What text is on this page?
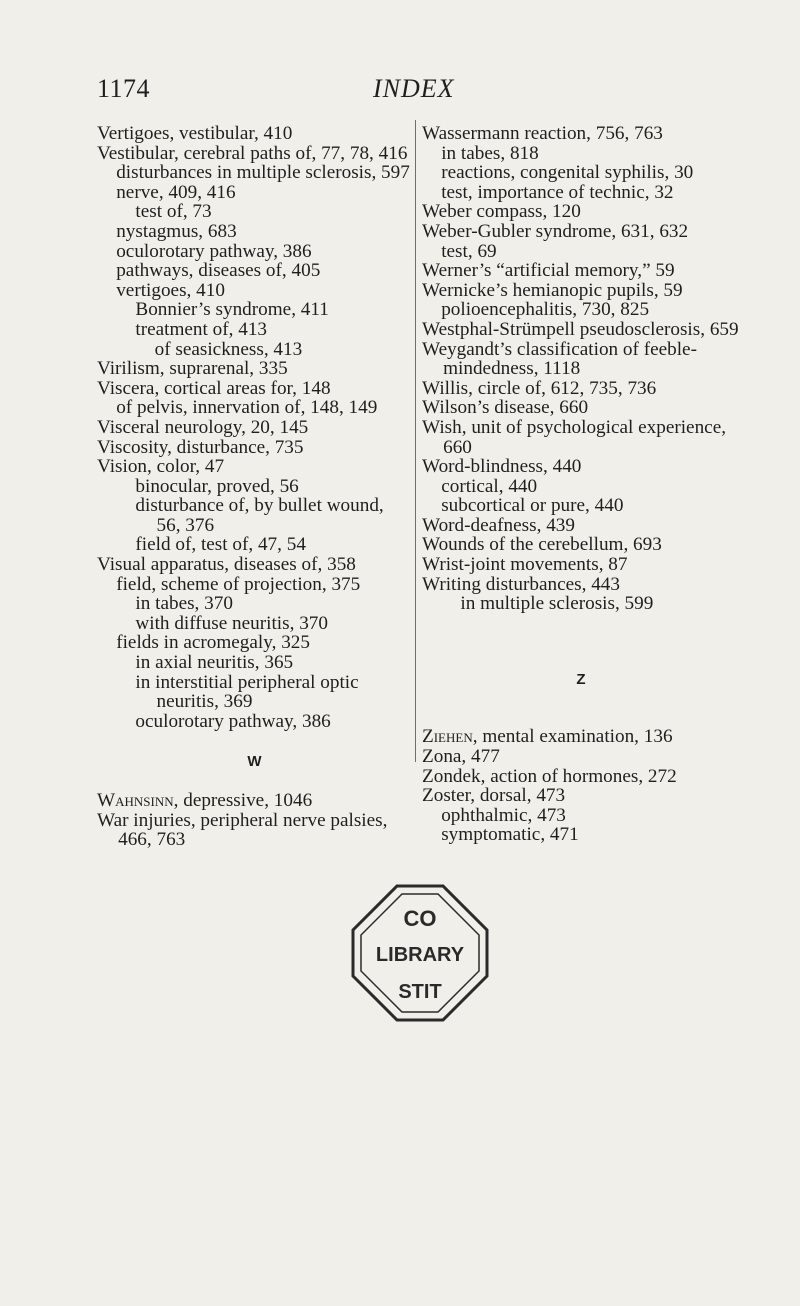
1174	INDEX

Vertigoes, vestibular, 410

Vestibular, cerebral paths of, 77, 78, 416

disturbances in multiple sclerosis, 597

nerve, 409, 416

test of, 73

nystagmus, 683

oculorotary pathway, 386

pathways, diseases of, 405

vertigoes, 410

Bonnier’s syndrome, 411

treatment of, 413

of seasickness, 413

Virilism, suprarenal, 335

Viscera, cortical areas for, 148

of pelvis, innervation of, 148, 149

Visceral neurology, 20, 145

Viscosity, disturbance, 735

Vision, color, 47

binocular, proved, 56

disturbance of, by bullet wound, 56, 376

field of, test of, 47, 54

Visual apparatus, diseases of, 358

field, scheme of projection, 375

in tabes, 370

with diffuse neuritis, 370

fields in acromegaly, 325

in axial neuritis, 365

in interstitial peripheral optic neuritis, 369

oculorotary pathway, 386

W

Wahnsinn, depressive, 1046

War injuries, peripheral nerve palsies, 466, 763

Wassermann reaction, 756, 763

in tabes, 818

reactions, congenital syphilis, 30

test, importance of technic, 32

Weber compass, 120

Weber-Gubler syndrome, 631, 632

test, 69

Werner’s “artificial memory,” 59

Wernicke’s hemianopic pupils, 59

polioencephalitis, 730, 825

Westphal-Strümpell pseudosclerosis, 659

Weygandt’s classification of feeble-mindedness, 1118

Willis, circle of, 612, 735, 736

Wilson’s disease, 660

Wish, unit of psychological experience, 660

Word-blindness, 440

cortical, 440

subcortical or pure, 440

Word-deafness, 439

Wounds of the cerebellum, 693

Wrist-joint movements, 87

Writing disturbances, 443

in multiple sclerosis, 599

Z

Ziehen, mental examination, 136

Zona, 477

Zondek, action of hormones, 272

Zoster, dorsal, 473

ophthalmic, 473

symptomatic, 471

CO
LIBRARY
STIT
